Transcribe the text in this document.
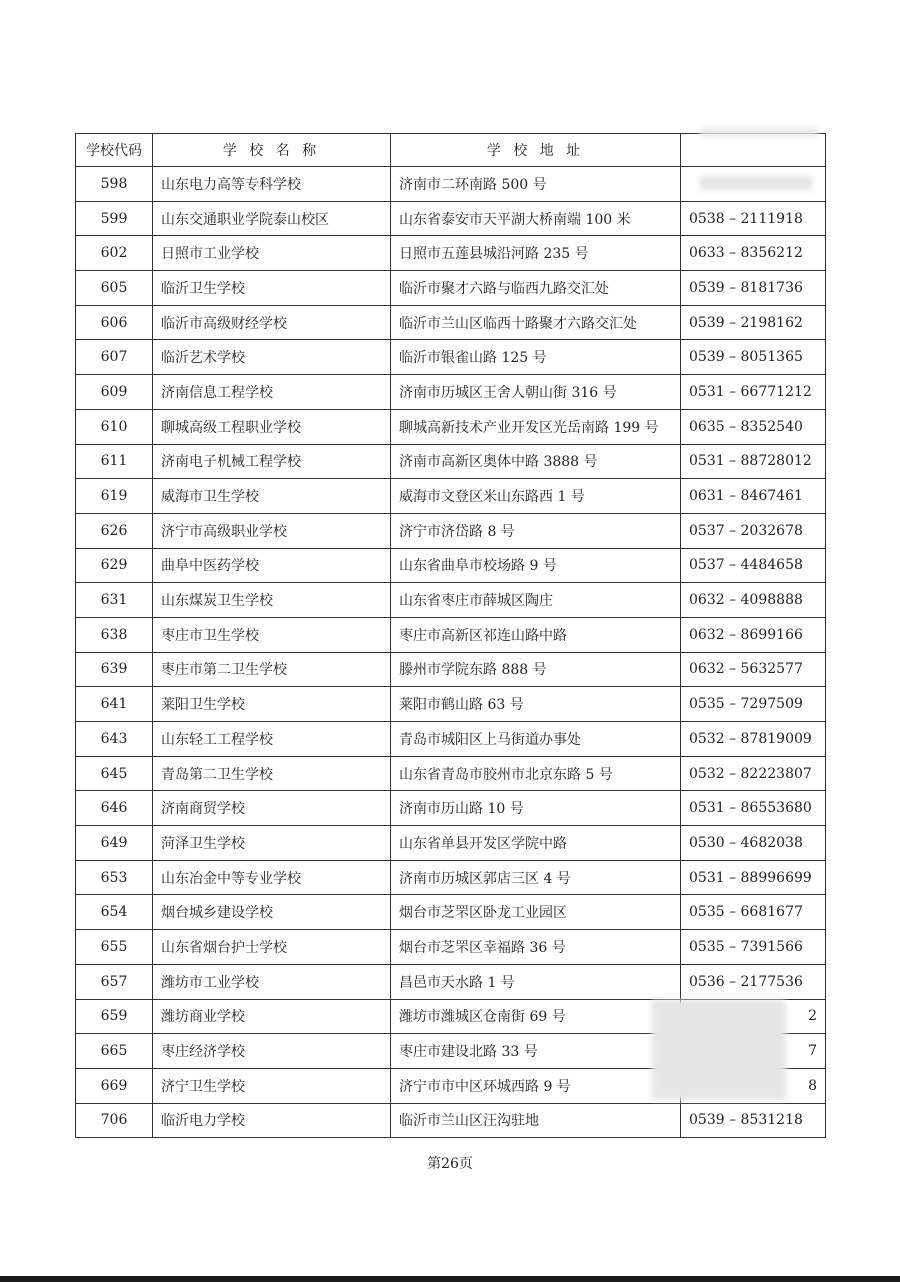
学校代码	学 校 名 称	学 校 地 址	
598	山东电力高等专科学校	济南市二环南路 500 号	
599	山东交通职业学院泰山校区	山东省泰安市天平湖大桥南端 100 米	0538 – 2111918
602	日照市工业学校	日照市五莲县城沿河路 235 号	0633 – 8356212
605	临沂卫生学校	临沂市聚才六路与临西九路交汇处	0539 – 8181736
606	临沂市高级财经学校	临沂市兰山区临西十路聚才六路交汇处	0539 – 2198162
607	临沂艺术学校	临沂市银雀山路 125 号	0539 – 8051365
609	济南信息工程学校	济南市历城区王舍人朝山街 316 号	0531 – 66771212
610	聊城高级工程职业学校	聊城高新技术产业开发区光岳南路 199 号	0635 – 8352540
611	济南电子机械工程学校	济南市高新区奥体中路 3888 号	0531 – 88728012
619	威海市卫生学校	威海市文登区米山东路西 1 号	0631 – 8467461
626	济宁市高级职业学校	济宁市济岱路 8 号	0537 – 2032678
629	曲阜中医药学校	山东省曲阜市校场路 9 号	0537 – 4484658
631	山东煤炭卫生学校	山东省枣庄市薛城区陶庄	0632 – 4098888
638	枣庄市卫生学校	枣庄市高新区祁连山路中路	0632 – 8699166
639	枣庄市第二卫生学校	滕州市学院东路 888 号	0632 – 5632577
641	莱阳卫生学校	莱阳市鹤山路 63 号	0535 – 7297509
643	山东轻工工程学校	青岛市城阳区上马街道办事处	0532 – 87819009
645	青岛第二卫生学校	山东省青岛市胶州市北京东路 5 号	0532 – 82223807
646	济南商贸学校	济南市历山路 10 号	0531 – 86553680
649	菏泽卫生学校	山东省单县开发区学院中路	0530 – 4682038
653	山东冶金中等专业学校	济南市历城区郭店三区 4 号	0531 – 88996699
654	烟台城乡建设学校	烟台市芝罘区卧龙工业园区	0535 – 6681677
655	山东省烟台护士学校	烟台市芝罘区幸福路 36 号	0535 – 7391566
657	潍坊市工业学校	昌邑市天水路 1 号	0536 – 2177536
659	潍坊商业学校	潍坊市潍城区仓南街 69 号	2
665	枣庄经济学校	枣庄市建设北路 33 号	7
669	济宁卫生学校	济宁市市中区环城西路 9 号	8
706	临沂电力学校	临沂市兰山区汪沟驻地	0539 – 8531218
第26页
